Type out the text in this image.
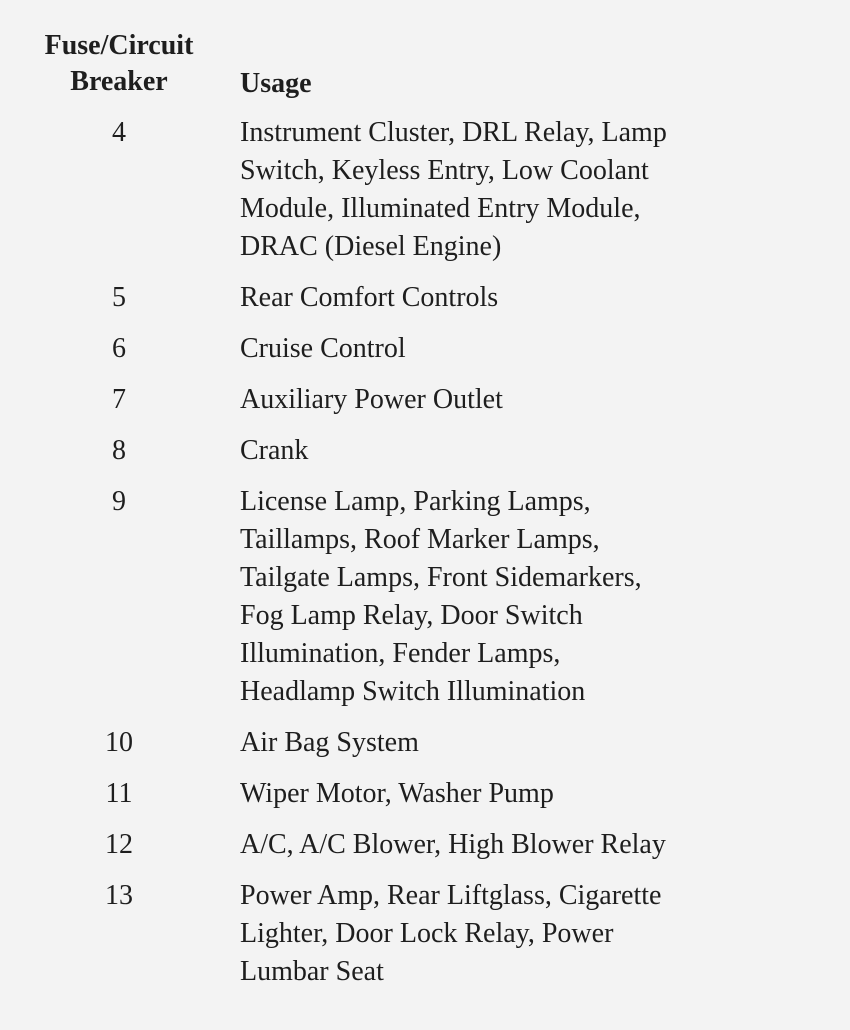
Fuse/Circuit
Breaker	Usage
4	Instrument Cluster, DRL Relay, Lamp
Switch, Keyless Entry, Low Coolant
Module, Illuminated Entry Module,
DRAC (Diesel Engine)
5	Rear Comfort Controls
6	Cruise Control
7	Auxiliary Power Outlet
8	Crank
9	License Lamp, Parking Lamps,
Taillamps, Roof Marker Lamps,
Tailgate Lamps, Front Sidemarkers,
Fog Lamp Relay, Door Switch
Illumination, Fender Lamps,
Headlamp Switch Illumination
10	Air Bag System
11	Wiper Motor, Washer Pump
12	A/C, A/C Blower, High Blower Relay
13	Power Amp, Rear Liftglass, Cigarette
Lighter, Door Lock Relay, Power
Lumbar Seat
